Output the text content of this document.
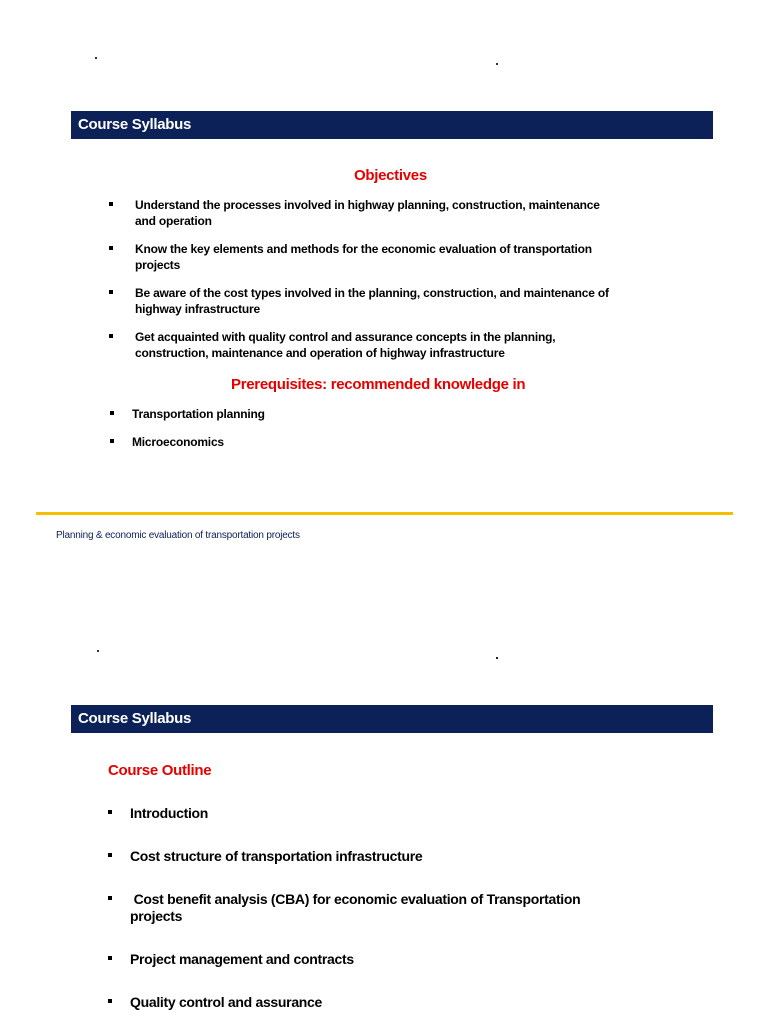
Course Syllabus
Objectives
Understand the processes involved in highway planning, construction, maintenance and operation
Know the key elements and methods for the economic evaluation of transportation projects
Be aware of the cost types involved in the planning, construction, and maintenance of highway infrastructure
Get acquainted with quality control and assurance concepts in the planning, construction, maintenance and operation of highway infrastructure
Prerequisites: recommended knowledge in
Transportation planning
Microeconomics
Planning & economic evaluation of transportation projects
Course Syllabus
Course Outline
Introduction
Cost structure of transportation infrastructure
Cost benefit analysis (CBA) for economic evaluation of Transportation projects
Project management and contracts
Quality control and assurance
